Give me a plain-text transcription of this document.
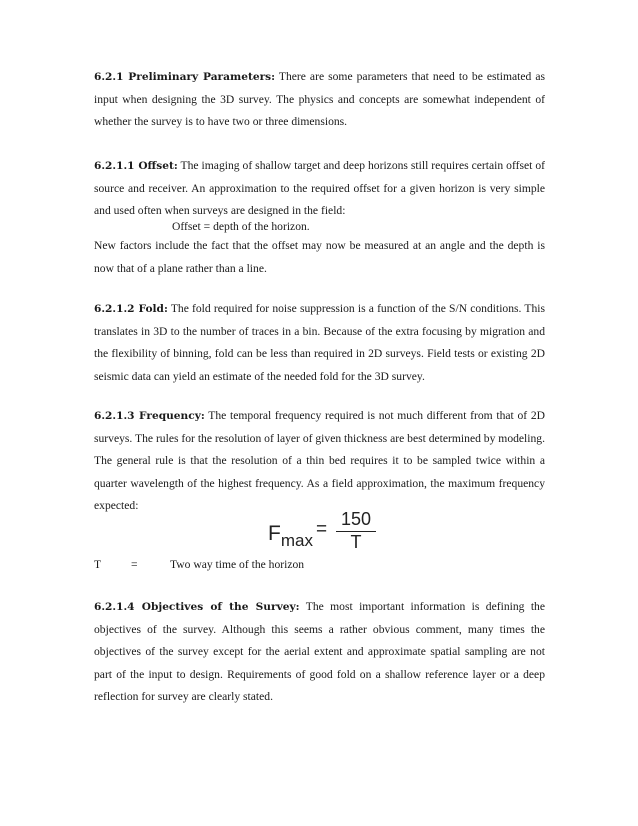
6.2.1 Preliminary Parameters: There are some parameters that need to be estimated as input when designing the 3D survey. The physics and concepts are somewhat independent of whether the survey is to have two or three dimensions.

6.2.1.1 Offset: The imaging of shallow target and deep horizons still requires certain offset of source and receiver. An approximation to the required offset for a given horizon is very simple and used often when surveys are designed in the field:

Offset = depth of the horizon.

New factors include the fact that the offset may now be measured at an angle and the depth is now that of a plane rather than a line.

6.2.1.2 Fold: The fold required for noise suppression is a function of the S/N conditions. This translates in 3D to the number of traces in a bin. Because of the extra focusing by migration and the flexibility of binning, fold can be less than required in 2D surveys. Field tests or existing 2D seismic data can yield an estimate of the needed fold for the 3D survey.

6.2.1.3 Frequency: The temporal frequency required is not much different from that of 2D surveys. The rules for the resolution of layer of given thickness are best determined by modeling. The general rule is that the resolution of a thin bed requires it to be sampled twice within a quarter wavelength of the highest frequency. As a field approximation, the maximum frequency expected:

$F_{max}$
= 150
T
T	=	Two way time of the horizon

6.2.1.4 Objectives of the Survey: The most important information is defining the objectives of the survey. Although this seems a rather obvious comment, many times the objectives of the survey except for the aerial extent and approximate spatial sampling are not part of the input to design. Requirements of good fold on a shallow reference layer or a deep reflection for survey are clearly stated.
